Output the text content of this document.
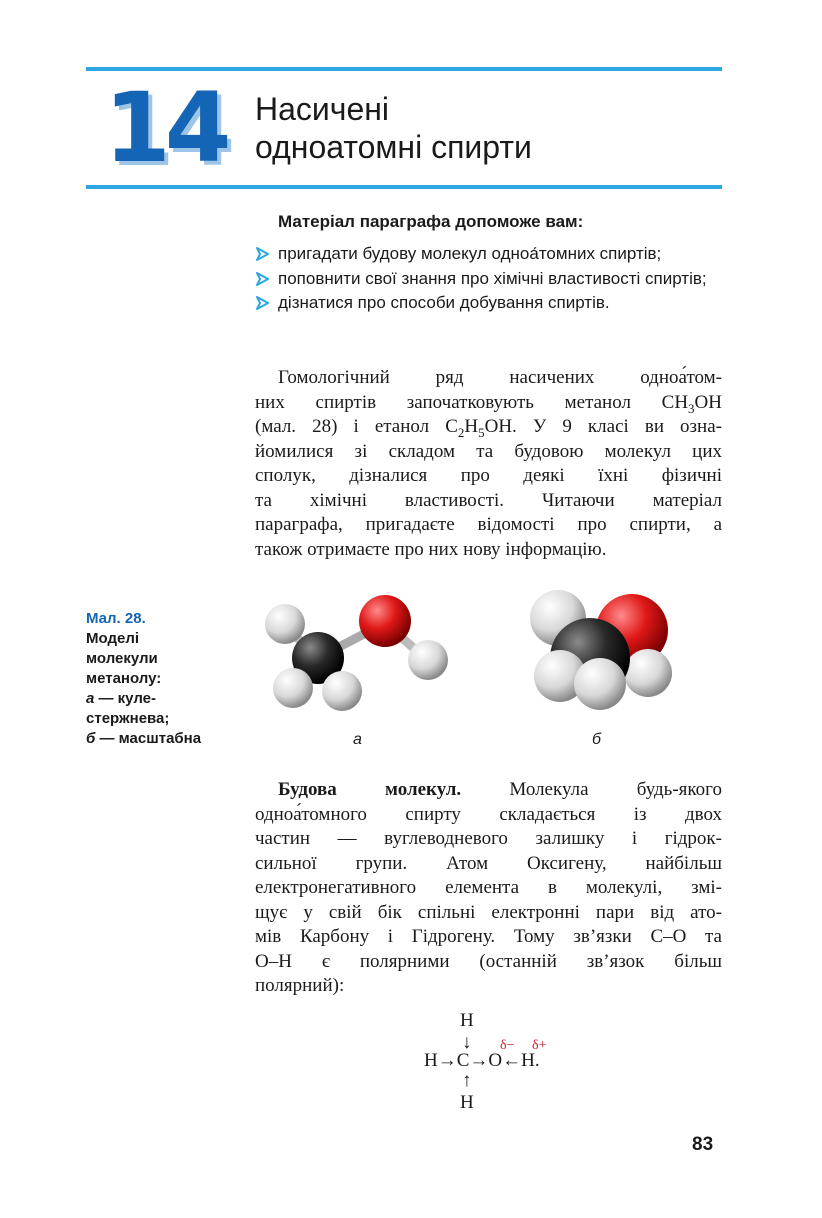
14 Насичені
одноатомні спирти
Матеріал параграфа допоможе вам:
пригадати будову молекул однoа́томних спиртів;
поповнити свої знання про хімічні властивості спиртів;
дізнатися про способи добування спиртів.
Гомологічний ряд насичених одноа́том-
них спиртів започатковують метанол $CH_3OH$
(мал. 28) і етанол $C_2H_5OH$. У 9 класі ви озна-
йомилися зі складом та будовою молекул цих
сполук, дізналися про деякі їхні фізичні
та хімічні властивості. Читаючи матеріал
параграфа, пригадаєте відомості про спирти, а
також отримаєте про них нову інформацію.
Мал. 28.
Моделі
молекули
метанолу:
а — куле-
стержнева;
б — масштабна	а	б
Будова молекул. Молекула будь-якого
одноа́томного спирту складається із двох
частин — вуглеводневого залишку і гідрок-
сильної групи. Атом Оксигену, найбільш
електронегативного елемента в молекулі, змі-
щує у свій бік спільні електронні пари від ато-
мів Карбону і Гідрогену. Тому зв’язки C–O та
O–H є полярними (останній зв’язок більш
полярний):
H
↓ δ− δ+
H→C→O←H.
↑
H
83
